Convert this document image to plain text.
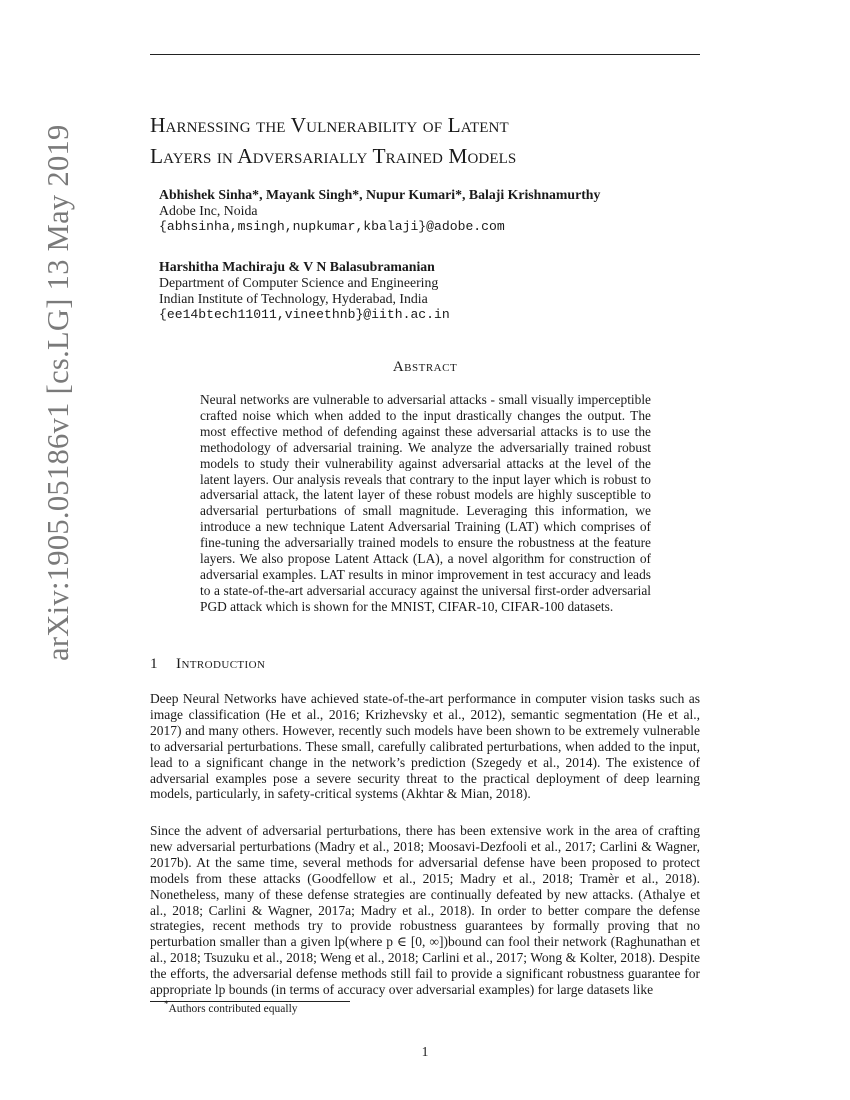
arXiv:1905.05186v1 [cs.LG] 13 May 2019	Harnessing the Vulnerability of Latent
Layers in Adversarially Trained Models
Abhishek Sinha*, Mayank Singh*, Nupur Kumari*, Balaji Krishnamurthy
Adobe Inc, Noida
{abhsinha,msingh,nupkumar,kbalaji}@adobe.com
Harshitha Machiraju & V N Balasubramanian
Department of Computer Science and Engineering
Indian Institute of Technology, Hyderabad, India
{ee14btech11011,vineethnb}@iith.ac.in
Abstract
Neural networks are vulnerable to adversarial attacks - small visually imperceptible crafted noise which when added to the input drastically changes the output. The most effective method of defending against these adversarial attacks is to use the methodology of adversarial training. We analyze the adversarially trained robust models to study their vulnerability against adversarial attacks at the level of the latent layers. Our analysis reveals that contrary to the input layer which is robust to adversarial attack, the latent layer of these robust models are highly susceptible to adversarial perturbations of small magnitude. Leveraging this information, we introduce a new technique Latent Adversarial Training (LAT) which comprises of fine-tuning the adversarially trained models to ensure the robustness at the feature layers. We also propose Latent Attack (LA), a novel algorithm for construction of adversarial examples. LAT results in minor improvement in test accuracy and leads to a state-of-the-art adversarial accuracy against the universal first-order adversarial PGD attack which is shown for the MNIST, CIFAR-10, CIFAR-100 datasets.
1 Introduction
Deep Neural Networks have achieved state-of-the-art performance in computer vision tasks such as image classification (He et al., 2016; Krizhevsky et al., 2012), semantic segmentation (He et al., 2017) and many others. However, recently such models have been shown to be extremely vulnerable to adversarial perturbations. These small, carefully calibrated perturbations, when added to the input, lead to a significant change in the network’s prediction (Szegedy et al., 2014). The existence of adversarial examples pose a severe security threat to the practical deployment of deep learning models, particularly, in safety-critical systems (Akhtar & Mian, 2018).
Since the advent of adversarial perturbations, there has been extensive work in the area of crafting new adversarial perturbations (Madry et al., 2018; Moosavi-Dezfooli et al., 2017; Carlini & Wagner, 2017b). At the same time, several methods for adversarial defense have been proposed to protect models from these attacks (Goodfellow et al., 2015; Madry et al., 2018; Tramèr et al., 2018). Nonetheless, many of these defense strategies are continually defeated by new attacks. (Athalye et al., 2018; Carlini & Wagner, 2017a; Madry et al., 2018). In order to better compare the defense strategies, recent methods try to provide robustness guarantees by formally proving that no perturbation smaller than a given lp(where p ∈ [0, ∞])bound can fool their network (Raghunathan et al., 2018; Tsuzuku et al., 2018; Weng et al., 2018; Carlini et al., 2017; Wong & Kolter, 2018). Despite the efforts, the adversarial defense methods still fail to provide a significant robustness guarantee for appropriate lp bounds (in terms of accuracy over adversarial examples) for large datasets like
*Authors contributed equally
1
